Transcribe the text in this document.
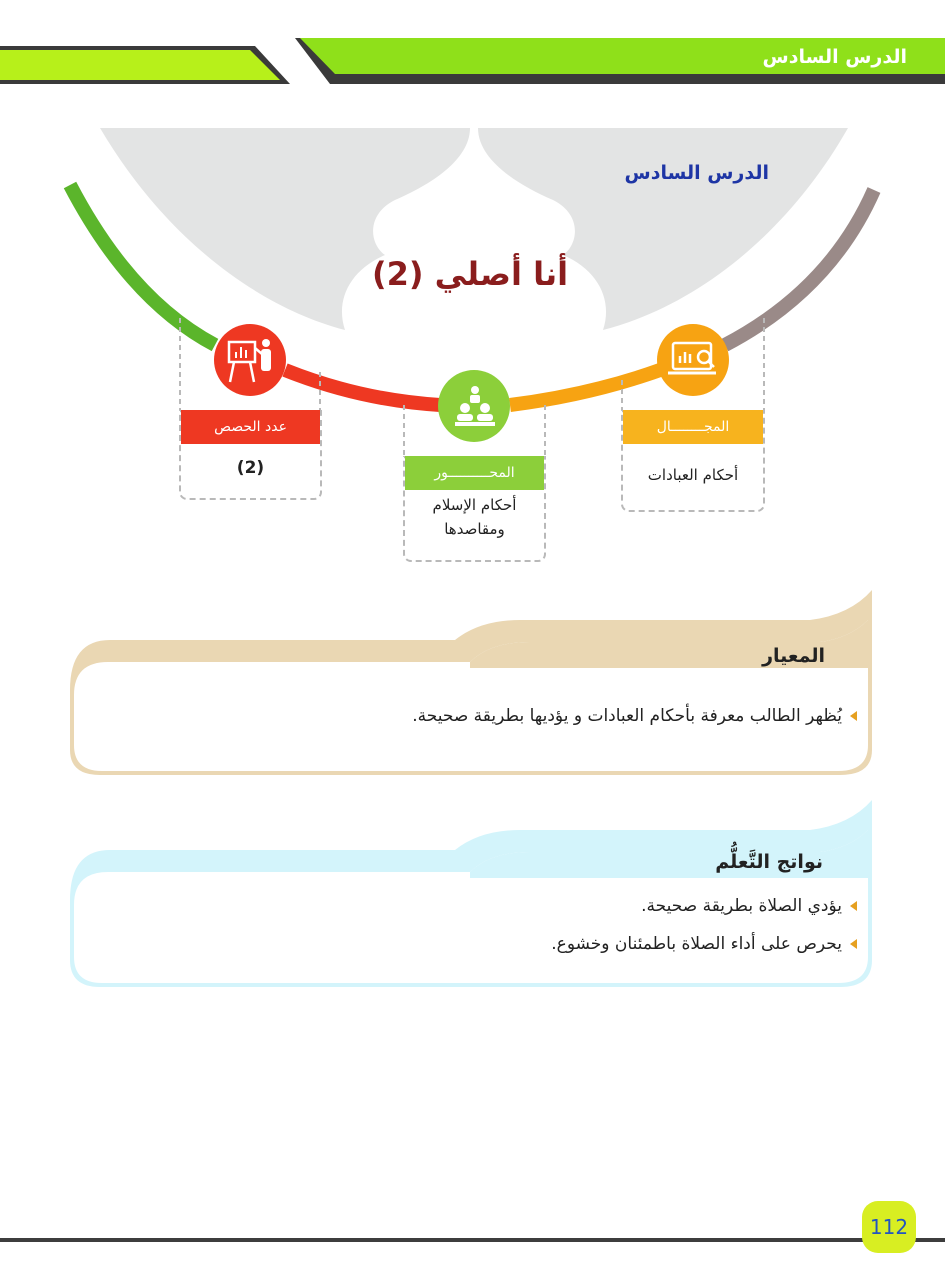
الدرس السادس
الدرس السادس
أنا أصلي (2)
عدد الحصص
(2)	المحــــــــــور
أحكام الإسلام
ومقاصدها
المجــــــــال
أحكام العبادات
المعيار
يُظهر الطالب معرفة بأحكام العبادات و يؤديها بطريقة صحيحة.
نواتج التَّعلُّم
يؤدي الصلاة بطريقة صحيحة.
يحرص على أداء الصلاة باطمئنان وخشوع.
112
